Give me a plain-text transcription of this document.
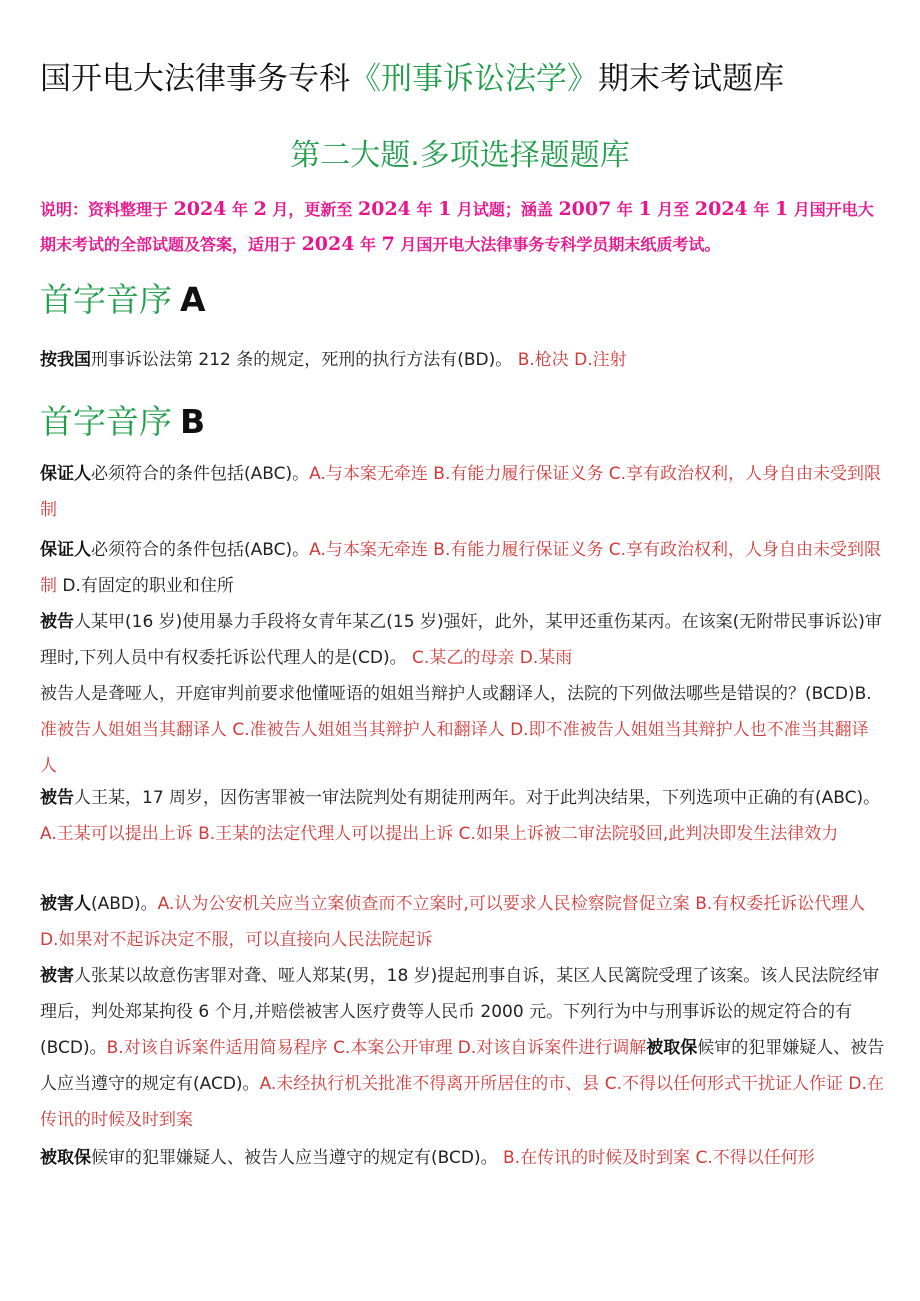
国开电大法律事务专科《刑事诉讼法学》期末考试题库
第二大题.多项选择题题库
说明：资料整理于 2024 年 2 月，更新至 2024 年 1 月试题；涵盖 2007 年 1 月至 2024 年 1 月国开电大期末考试的全部试题及答案，适用于 2024 年 7 月国开电大法律事务专科学员期末纸质考试。
首字音序 A
按我国刑事诉讼法第 212 条的规定，死刑的执行方法有(BD)。 B.枪决 D.注射
首字音序 B
保证人必须符合的条件包括(ABC)。A.与本案无牵连 B.有能力履行保证义务 C.享有政治权利，人身自由未受到限制
保证人必须符合的条件包括(ABC)。A.与本案无牵连 B.有能力履行保证义务 C.享有政治权利，人身自由未受到限制 D.有固定的职业和住所
被告人某甲(16 岁)使用暴力手段将女青年某乙(15 岁)强奸，此外，某甲还重伤某丙。在该案(无附带民事诉讼)审理时,下列人员中有权委托诉讼代理人的是(CD)。 C.某乙的母亲 D.某雨
被告人是聋哑人，开庭审判前要求他懂哑语的姐姐当辩护人或翻译人，法院的下列做法哪些是错误的？(BCD)B.准被告人姐姐当其翻译人 C.准被告人姐姐当其辩护人和翻译人 D.即不准被告人姐姐当其辩护人也不准当其翻译人
被告人王某，17 周岁，因伤害罪被一审法院判处有期徒刑两年。对于此判决结果，下列选项中正确的有(ABC)。A.王某可以提出上诉 B.王某的法定代理人可以提出上诉 C.如果上诉被二审法院驳回,此判决即发生法律效力
被害人(ABD)。A.认为公安机关应当立案侦查而不立案时,可以要求人民检察院督促立案 B.有权委托诉讼代理人 D.如果对不起诉决定不服，可以直接向人民法院起诉
被害人张某以故意伤害罪对聋、哑人郑某(男，18 岁)提起刑事自诉，某区人民篱院受理了该案。该人民法院经审理后，判处郑某拘役 6 个月,并赔偿被害人医疗费等人民币 2000 元。下列行为中与刑事诉讼的规定符合的有(BCD)。B.对该自诉案件适用简易程序 C.本案公开审理 D.对该自诉案件进行调解被取保候审的犯罪嫌疑人、被告人应当遵守的规定有(ACD)。A.未经执行机关批准不得离开所居住的市、县 C.不得以任何形式干扰证人作证 D.在传讯的时候及时到案
被取保候审的犯罪嫌疑人、被告人应当遵守的规定有(BCD)。 B.在传讯的时候及时到案 C.不得以任何形
